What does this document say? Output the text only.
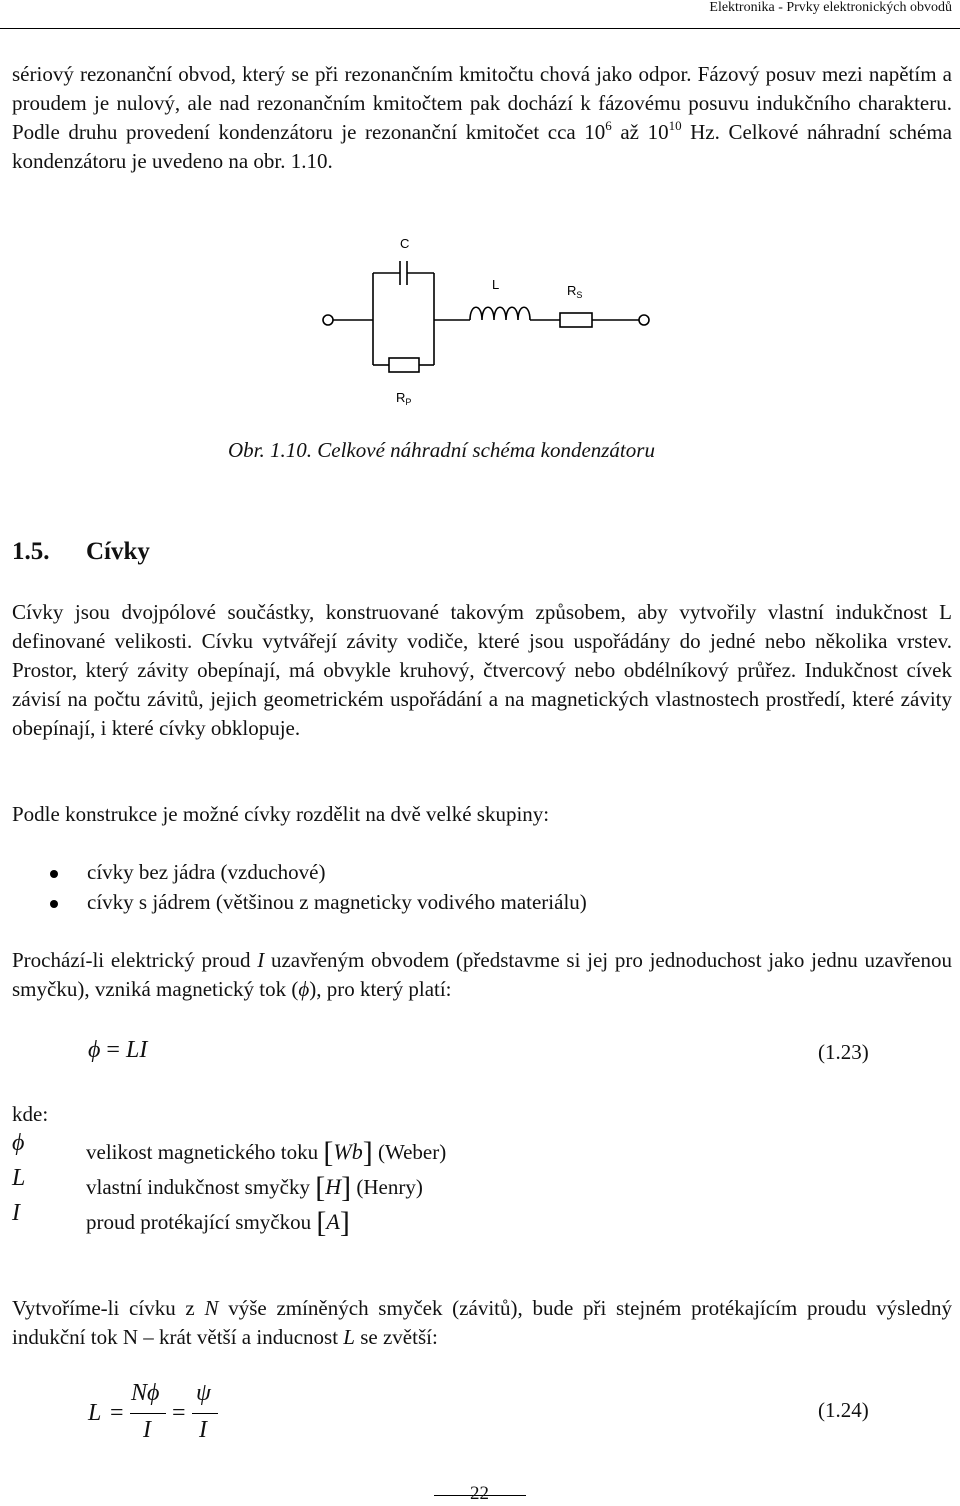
Elektronika - Prvky elektronických obvodů
sériový rezonanční obvod, který se při rezonančním kmitočtu chová jako odpor. Fázový posuv mezi napětím a proudem je nulový, ale nad rezonančním kmitočtem pak dochází k fázovému posuvu indukčního charakteru. Podle druhu provedení kondenzátoru je rezonanční kmitočet cca $10^6$ až $10^{10}$ Hz. Celkové náhradní schéma kondenzátoru je uvedeno na obr. 1.10.
C
L	$R_S$
$R_P$
Obr. 1.10. Celkové náhradní schéma kondenzátoru
1.5. Cívky
Cívky jsou dvojpólové součástky, konstruované takovým způsobem, aby vytvořily vlastní indukčnost L definované velikosti. Cívku vytvářejí závity vodiče, které jsou uspořádány do jedné nebo několika vrstev. Prostor, který závity obepínají, má obvykle kruhový, čtvercový nebo obdélníkový průřez. Indukčnost cívek závisí na počtu závitů, jejich geometrickém uspořádání a na magnetických vlastnostech prostředí, které závity obepínají, i které cívky obklopuje.
Podle konstrukce je možné cívky rozdělit na dvě velké skupiny:
cívky bez jádra (vzduchové)
cívky s jádrem (většinou z magneticky vodivého materiálu)
Prochází-li elektrický proud I uzavřeným obvodem (představme si jej pro jednoduchost jako jednu uzavřenou smyčku), vzniká magnetický tok (ϕ), pro který platí:
ϕ = LI	(1.23)
kde:
ϕ	velikost magnetického toku [Wb] (Weber)
L	vlastní indukčnost smyčky [H] (Henry)
I	proud protékající smyčkou [A]
Vytvoříme-li cívku z N výše zmíněných smyček (závitů), bude při stejném protékajícím proudu výsledný indukční tok N – krát větší a inducnost L se zvětší:
L =
Nϕ
I
=
ψ
I
(1.24)
22
